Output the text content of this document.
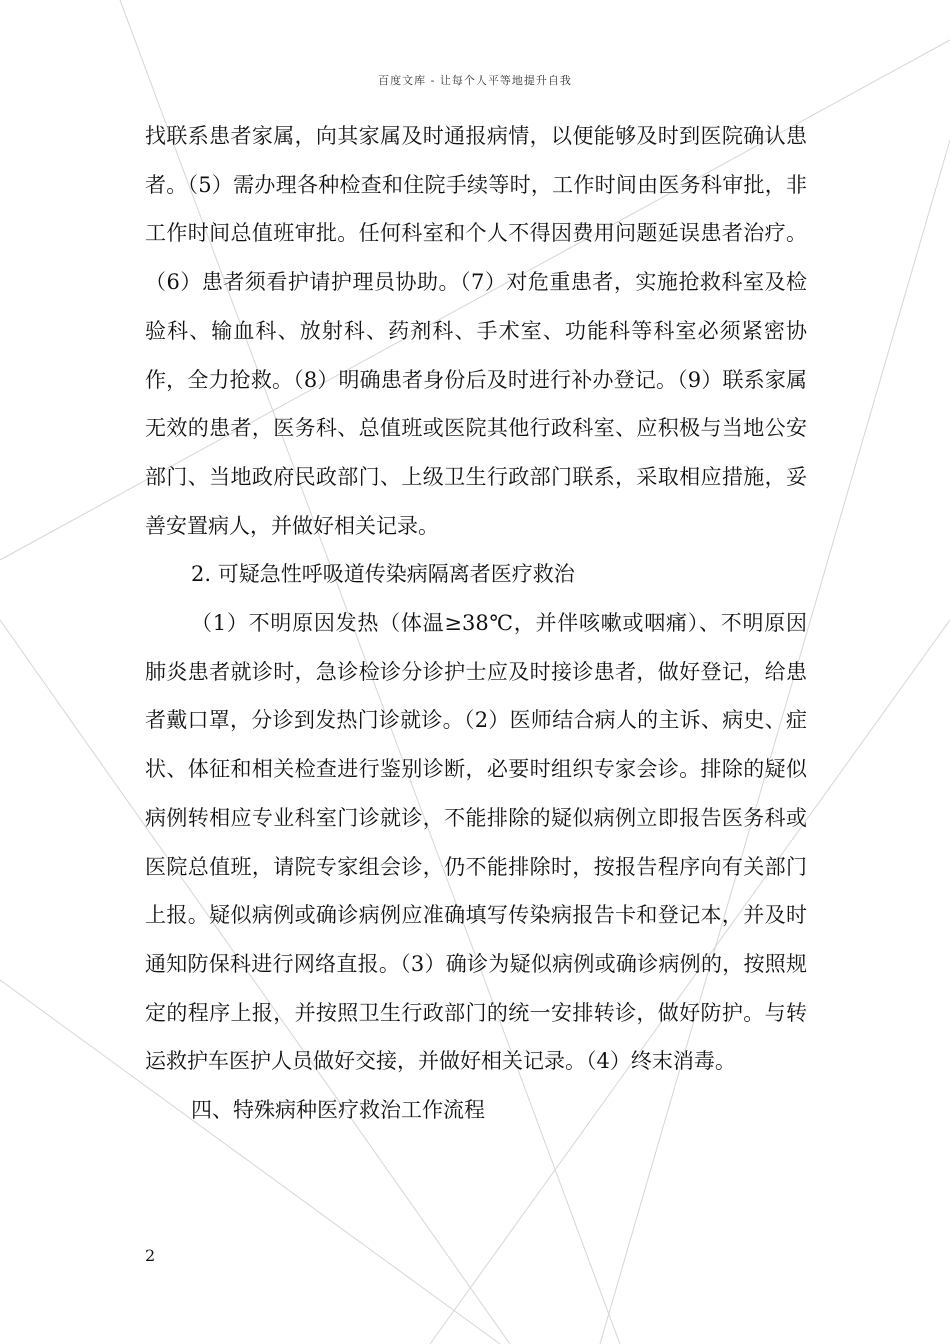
百度文库 - 让每个人平等地提升自我

找联系患者家属，向其家属及时通报病情，以便能够及时到医院确认患者。（5）需办理各种检查和住院手续等时，工作时间由医务科审批，非工作时间总值班审批。任何科室和个人不得因费用问题延误患者治疗。（6）患者须看护请护理员协助。（7）对危重患者，实施抢救科室及检验科、输血科、放射科、药剂科、手术室、功能科等科室必须紧密协作，全力抢救。（8）明确患者身份后及时进行补办登记。（9）联系家属无效的患者，医务科、总值班或医院其他行政科室、应积极与当地公安部门、当地政府民政部门、上级卫生行政部门联系，采取相应措施，妥善安置病人，并做好相关记录。

2. 可疑急性呼吸道传染病隔离者医疗救治

（1）不明原因发热（体温≥38℃，并伴咳嗽或咽痛）、不明原因肺炎患者就诊时，急诊检诊分诊护士应及时接诊患者，做好登记，给患者戴口罩，分诊到发热门诊就诊。（2）医师结合病人的主诉、病史、症状、体征和相关检查进行鉴别诊断，必要时组织专家会诊。排除的疑似病例转相应专业科室门诊就诊，不能排除的疑似病例立即报告医务科或医院总值班，请院专家组会诊，仍不能排除时，按报告程序向有关部门上报。疑似病例或确诊病例应准确填写传染病报告卡和登记本，并及时通知防保科进行网络直报。（3）确诊为疑似病例或确诊病例的，按照规定的程序上报，并按照卫生行政部门的统一安排转诊，做好防护。与转运救护车医护人员做好交接，并做好相关记录。（4）终末消毒。

四、特殊病种医疗救治工作流程

2
